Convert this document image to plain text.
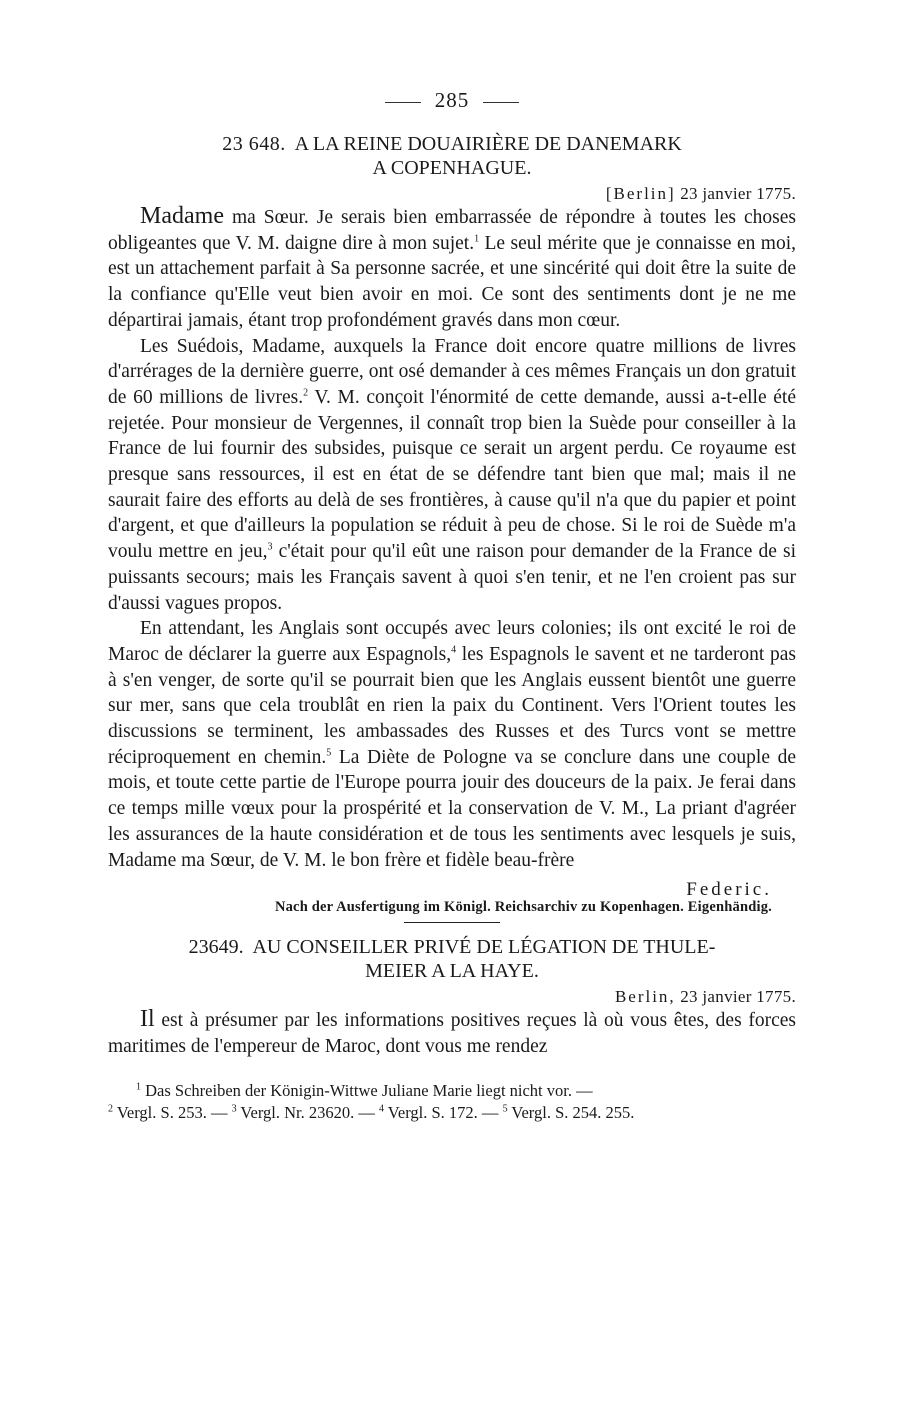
285
23 648. A LA REINE DOUAIRIÈRE DE DANEMARK
A COPENHAGUE.
[Berlin] 23 janvier 1775.

Madame ma Sœur. Je serais bien embarrassée de répondre à toutes les choses obligeantes que V. M. daigne dire à mon sujet.$^1$ Le seul mérite que je connaisse en moi, est un attachement parfait à Sa personne sacrée, et une sincérité qui doit être la suite de la confiance qu'Elle veut bien avoir en moi. Ce sont des sentiments dont je ne me départirai jamais, étant trop profondément gravés dans mon cœur.

Les Suédois, Madame, auxquels la France doit encore quatre millions de livres d'arrérages de la dernière guerre, ont osé demander à ces mêmes Français un don gratuit de 60 millions de livres.$^2$ V. M. conçoit l'énormité de cette demande, aussi a-t-elle été rejetée. Pour monsieur de Vergennes, il connaît trop bien la Suède pour conseiller à la France de lui fournir des subsides, puisque ce serait un argent perdu. Ce royaume est presque sans ressources, il est en état de se défendre tant bien que mal; mais il ne saurait faire des efforts au delà de ses frontières, à cause qu'il n'a que du papier et point d'argent, et que d'ailleurs la population se réduit à peu de chose. Si le roi de Suède m'a voulu mettre en jeu,$^3$ c'était pour qu'il eût une raison pour demander de la France de si puissants secours; mais les Français savent à quoi s'en tenir, et ne l'en croient pas sur d'aussi vagues propos.

En attendant, les Anglais sont occupés avec leurs colonies; ils ont excité le roi de Maroc de déclarer la guerre aux Espagnols,$^4$ les Espagnols le savent et ne tarderont pas à s'en venger, de sorte qu'il se pourrait bien que les Anglais eussent bientôt une guerre sur mer, sans que cela troublât en rien la paix du Continent. Vers l'Orient toutes les discussions se terminent, les ambassades des Russes et des Turcs vont se mettre réciproquement en chemin.$^5$ La Diète de Pologne va se conclure dans une couple de mois, et toute cette partie de l'Europe pourra jouir des douceurs de la paix. Je ferai dans ce temps mille vœux pour la prospérité et la conservation de V. M., La priant d'agréer les assurances de la haute considération et de tous les sentiments avec lesquels je suis, Madame ma Sœur, de V. M. le bon frère et fidèle beau-frère

Federic.
Nach der Ausfertigung im Königl. Reichsarchiv zu Kopenhagen. Eigenhändig.
23649. AU CONSEILLER PRIVÉ DE LÉGATION DE THULE-
MEIER A LA HAYE.
Berlin, 23 janvier 1775.

Il est à présumer par les informations positives reçues là où vous êtes, des forces maritimes de l'empereur de Maroc, dont vous me rendez

$^1$ Das Schreiben der Königin-Wittwe Juliane Marie liegt nicht vor. —
$^2$ Vergl. S. 253. — $^3$ Vergl. Nr. 23620. — $^4$ Vergl. S. 172. — $^5$ Vergl. S. 254. 255.
